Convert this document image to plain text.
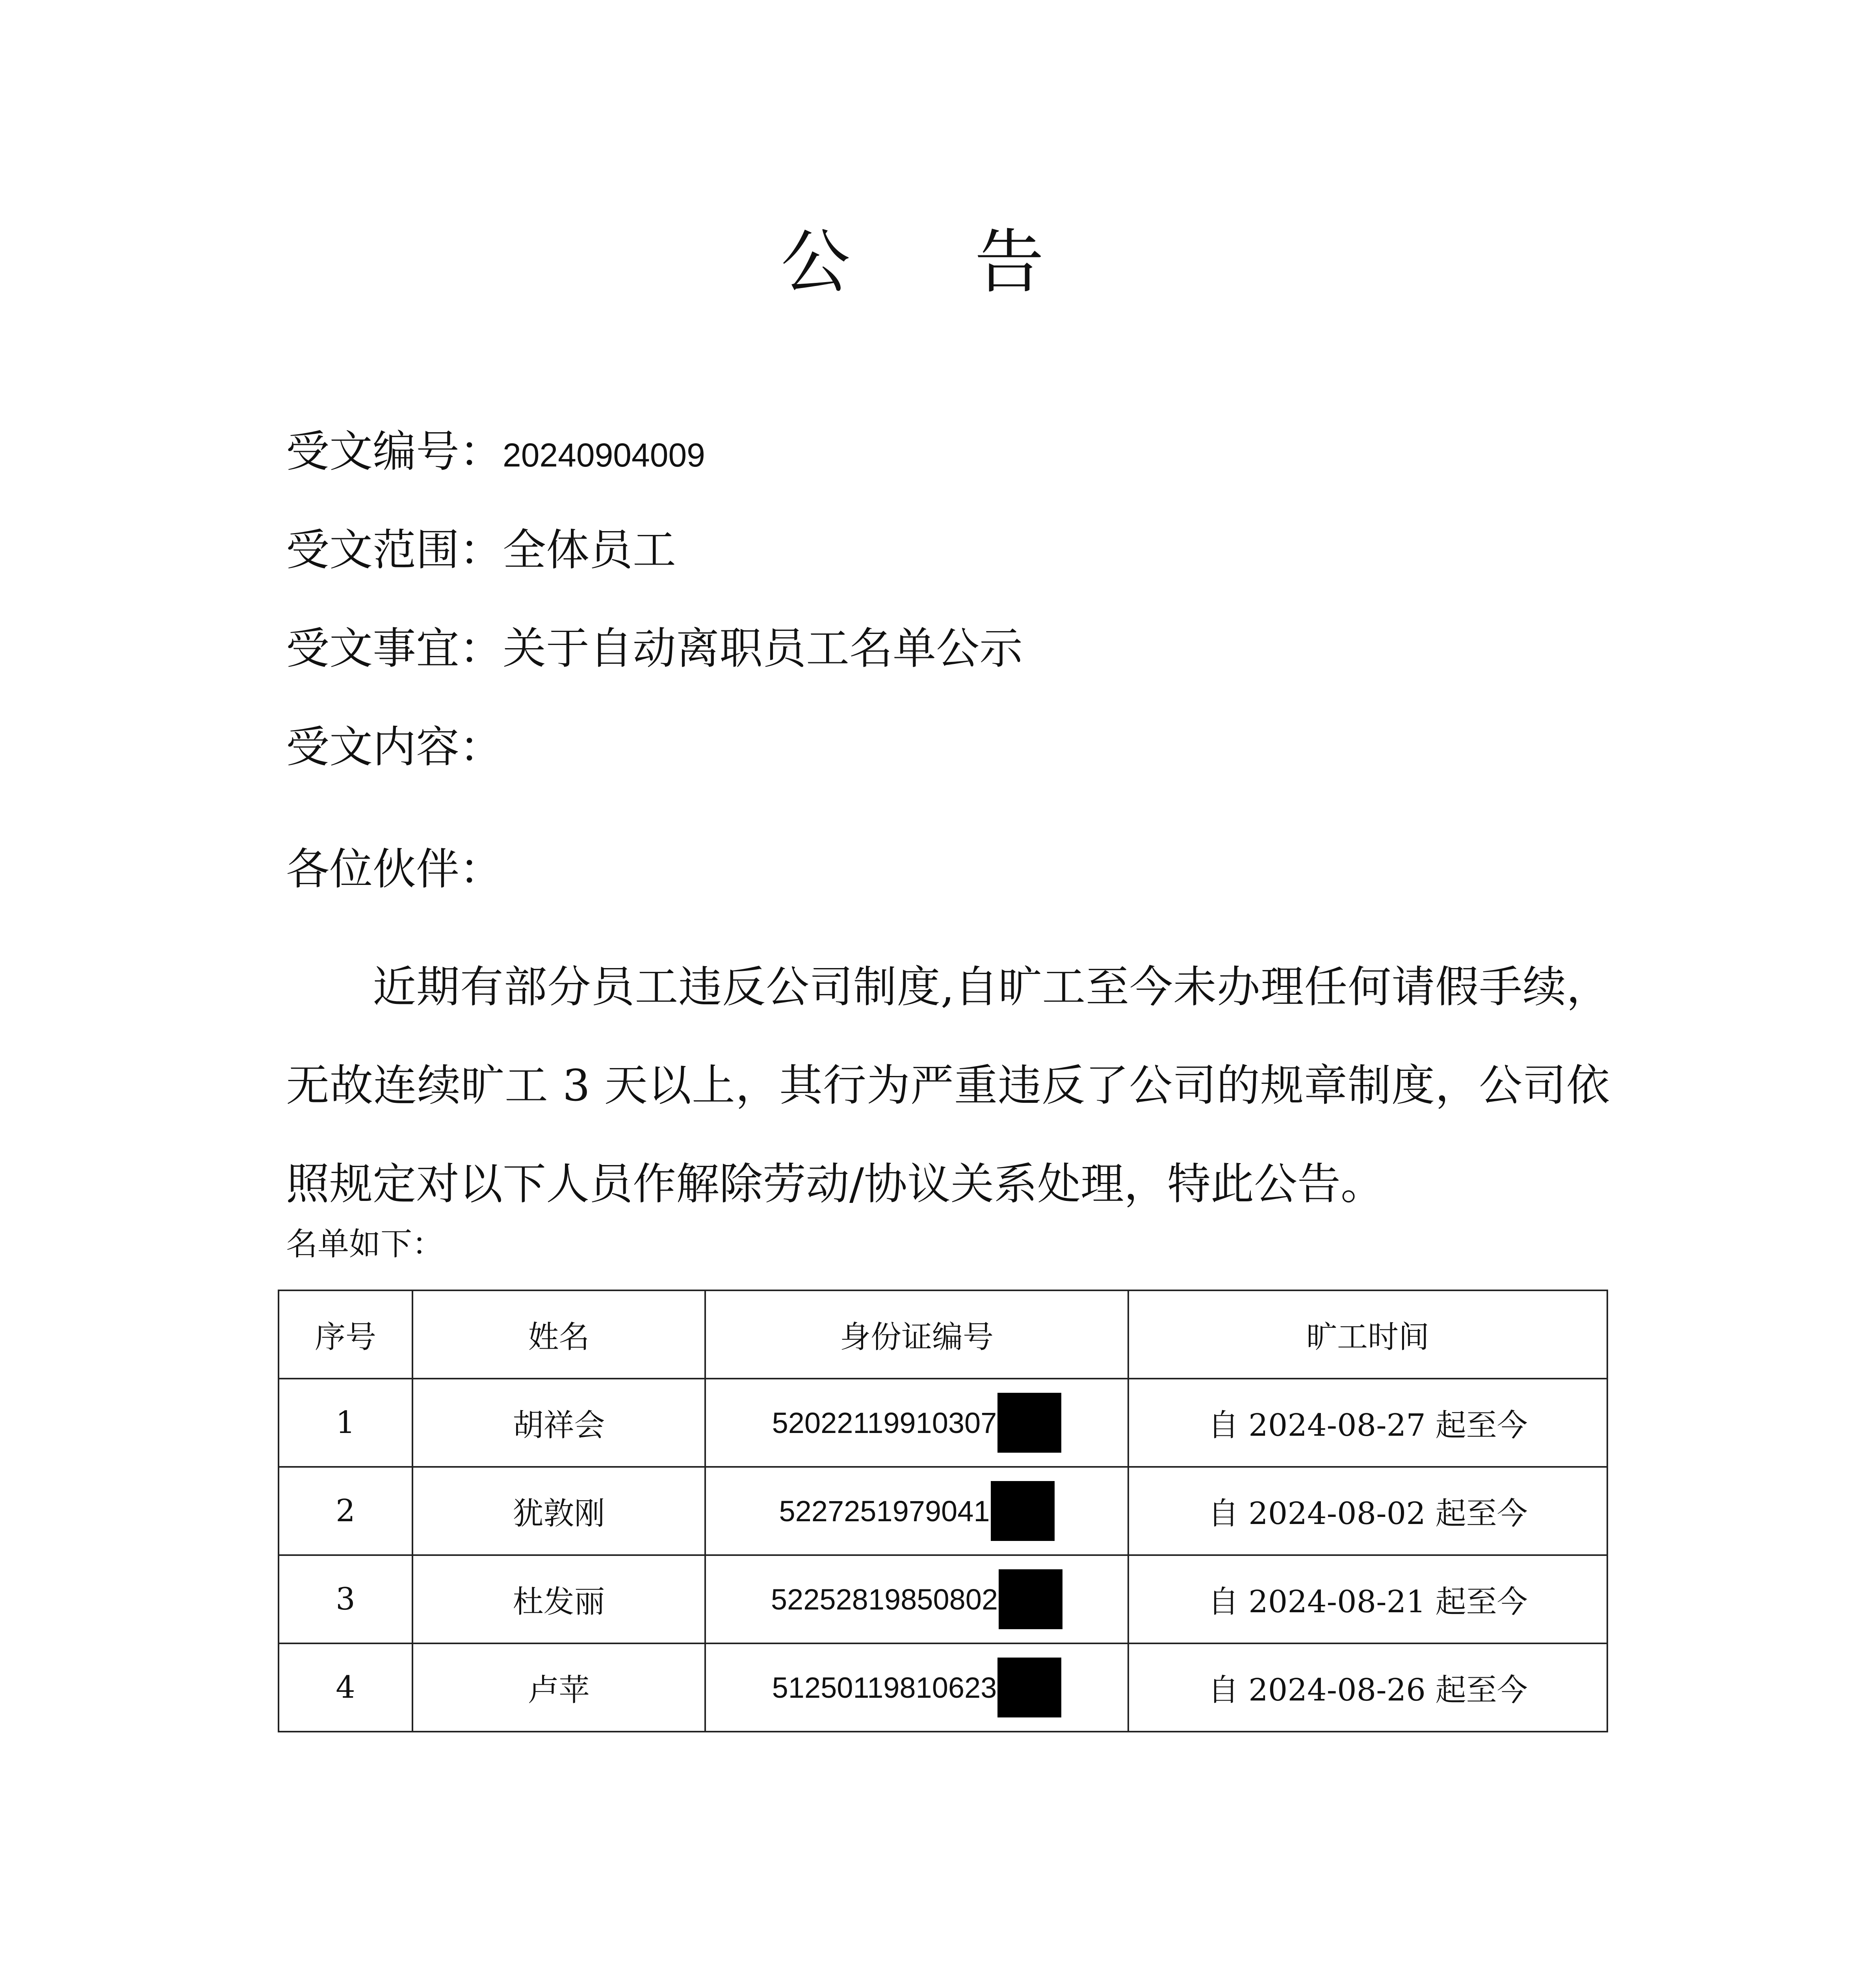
公 告
受文编号：20240904009
受文范围：全体员工
受文事宜：关于自动离职员工名单公示
受文内容：
各位伙伴：
近期有部分员工违反公司制度,自旷工至今未办理任何请假手续，无故连续旷工 3 天以上，其行为严重违反了公司的规章制度，公司依照规定对以下人员作解除劳动/协议关系处理，特此公告。
名单如下：
序号	姓名	身份证编号	旷工时间
1	胡祥会	52022119910307	自 2024-08-27 起至今
2	犹敦刚	5227251979041	自 2024-08-02 起至今
3	杜发丽	52252819850802	自 2024-08-21 起至今
4	卢苹	51250119810623	自 2024-08-26 起至今
